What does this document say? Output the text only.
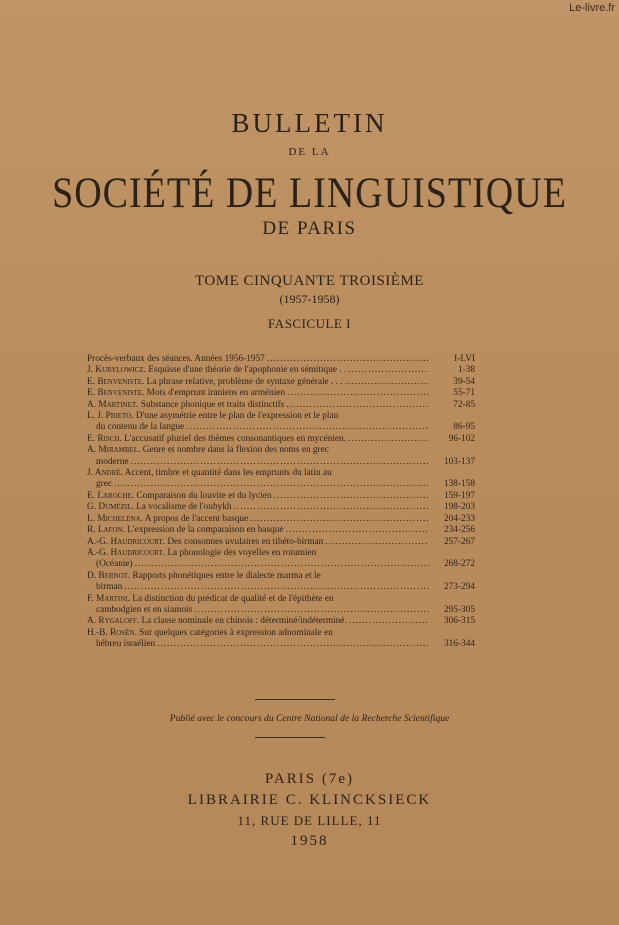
Le-livre.fr
BULLETIN
DE LA
SOCIÉTÉ DE LINGUISTIQUE
DE PARIS
TOME CINQUANTE TROISIÈME
(1957-1958)
FASCICULE I
Procès-verbaux des séances. Années 1956-1957 .....	I-LVI
J. Kurylowicz. Esquisse d'une théorie de l'apophonie en sémitique . . .....	1-38
E. Benveniste. La phrase relative, problème de syntaxe générale . . . .....	39-54
E. Benveniste. Mots d'emprunt iraniens en arménien .....	55-71
A. Martinet. Substance phonique et traits distinctifs .....	72-85
L. J. Prieto. D'une asymétrie entre le plan de l'expression et le plan
du contenu de la langue .....	86-95
E. Risch. L'accusatif pluriel des thèmes consonantiques en mycénien. .....	96-102
A. Mirambel. Genre et nombre dans la flexion des noms en grec
moderne .....	103-137
J. André. Accent, timbre et quantité dans les emprunts du latin au
grec .....	138-158
E. Laroche. Comparaison du louvite et du lycien .....	159-197
G. Dumézil. La vocalisme de l'oubykh .....	198-203
L. Michelena. A propos de l'accent basque .....	204-233
R. Lafon. L'expression de la comparaison en basque .....	234-256
A.-G. Haudricourt. Des consonnes uvulaires en tibéto-birman .....	257-267
A.-G. Haudricourt. La phonologie des voyelles en rotumien
(Océanie) .....	268-272
D. Bernot. Rapports phonétiques entre le dialecte marma et le
birman .....	273-294
F. Martini. La distinction du prédicat de qualité et de l'épithète en
cambodgien et en siamois .....	295-305
A. Rygaloff. La classe nominale en chinois : déterminé/indéterminé. .....	306-315
H.-B. Rosén. Sur quelques catégories à expression adnominale en
hébreu israélien .....	316-344
Publié avec le concours du Centre National de la Recherche Scientifique
PARIS (7e)
LIBRAIRIE C. KLINCKSIECK
11, RUE DE LILLE, 11
1958
